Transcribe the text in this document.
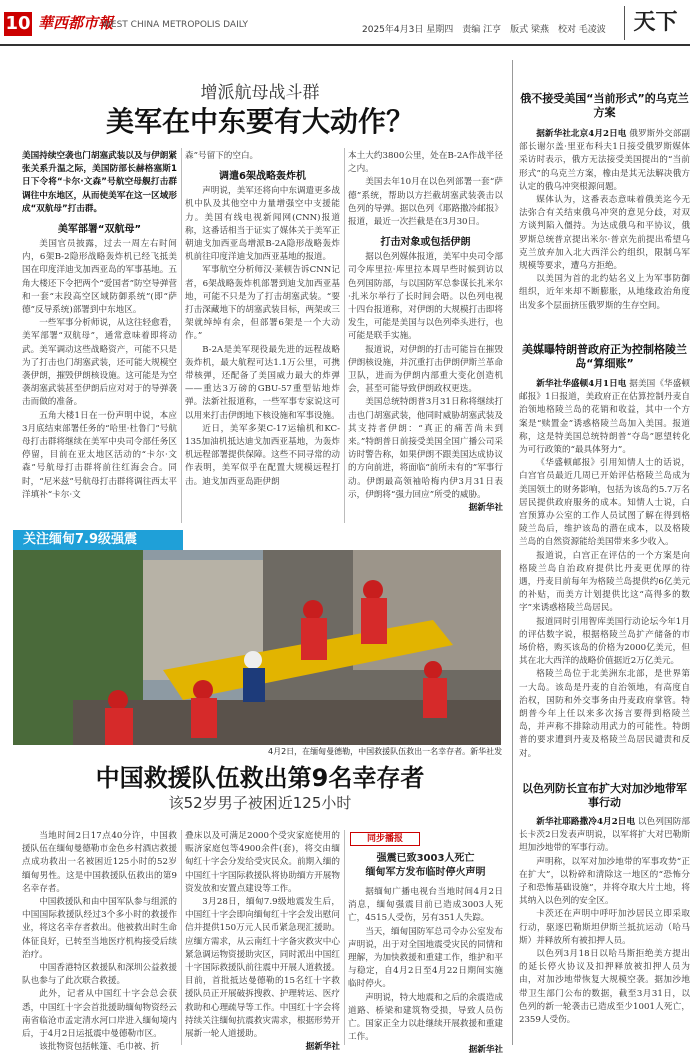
10 華西都市報
WEST CHINA METROPOLIS DAILY	2025年4月3日 星期四　责编 江亨　版式 梁燕　校对 毛凌波	天下
增派航母战斗群
美军在中东要有大动作？
美国持续空袭也门胡塞武装以及与伊朗紧张关系升温之际，美国防部长赫格塞斯1日下令将“卡尔·文森”号航空母舰打击群调往中东地区，从而使美军在这一区域形成“双航母”打击群。
美军部署“双航母”

美国官员披露，过去一周左右时间内，6架B-2隐形战略轰炸机已经飞抵美国在印度洋迪戈加西亚岛的军事基地。五角大楼还下令把两个“爱国者”防空导弹营和一套“末段高空区域防御系统”(即“萨德”反导系统)部署到中东地区。

一些军事分析师说，从这往轻愈看，美军部署“双航母”，通常意味着即将动武。美军调动这些战略资产，可能不只是为了打击也门胡塞武装，还可能大规模空袭伊朗，摧毁伊朗核设施。这可能是为空袭胡塞武装甚至伊朗后应对对于的导弹袭击而做的准备。

五角大楼1日在一份声明中说，本应3月底结束部署任务的“哈里·杜鲁门”号航母打击群将继续在美军中央司令部任务区停留，目前在亚太地区活动的“卡尔·文森”号航母打击群将前往红海会合。同时，“尼米兹”号航母打击群将调往西太平洋填补“卡尔·文

森”号留下的空白。
调遣6架战略轰炸机

声明说，美军还将向中东调遣更多战机中队及其他空中力量增强空中支援能力。美国有线电视新闻网(CNN)报道称，这番话相当于证实了媒体关于美军正朝迪戈加西亚岛增派B-2A隐形战略轰炸机前往印度洋迪戈加西亚基地的报道。

军事航空分析师汉·莱顿告诉CNN记者，6架战略轰炸机部署到迪戈加西亚基地，可能不只是为了打击胡塞武装。“要打击深藏地下的胡塞武装目标，两架或三架就绰绰有余，但部署6架是一个大动作。”

B-2A是美军现役最先进的远程战略轰炸机，最大航程可达1.1万公里，可携带核弹，还配备了美国威力最大的炸弹——重达3万磅的GBU-57重型钻地炸弹。法新社报道称，一些军事专家说这可以用来打击伊朗地下核设施和军事设施。

近日，美军多架C-17运输机和KC-135加油机抵达迪戈加西亚基地，为轰炸机远程部署提供保障。这些不同寻常的动作表明，美军似乎在配置大规模远程打击。迪戈加西亚岛距伊朗

本土大约3800公里，处在B-2A作战半径之内。

美国去年10月在以色列部署一套“萨德”系统，帮助以方拦截胡塞武装袭击以色列的导弹。据以色列《耶路撒冷邮报》报道，最近一次拦截是在3月30日。

打击对象或包括伊朗

据以色列媒体报道，美军中央司令部司令库里拉·库里拉本周早些时候到访以色列国防部，与以国防军总参谋长扎米尔·扎米尔举行了长时间会晤。以色列电视十四台报道称，对伊朗的大规模打击即将发生，可能是美国与以色列牵头进行，也可能是联手实施。

报道说，对伊朗的打击可能旨在摧毁伊朗核设施，并沉重打击伊朗伊斯兰革命卫队，进而为伊朗内部重大变化创造机会，甚至可能导致伊朗政权更迭。

美国总统特朗普3月31日称将继续打击也门胡塞武装，他同时威胁胡塞武装及其支持者伊朗：“真正的痛苦尚未到来。”特朗普日前接受美国全国广播公司采访时警告称，如果伊朗不跟美国达成协议的方向前进，将面临“前所未有的”军事行动。伊朗最高领袖哈梅内伊3月31日表示，伊朗将“强力回应”所受的威胁。

据新华社
俄不接受美国“当前形式”的乌克兰方案

据新华社北京4月2日电 俄罗斯外交部副部长谢尔盖·里亚布科夫1日接受俄罗斯媒体采访时表示，俄方无法接受美国提出的“当前形式”的乌克兰方案，橡由是其无法解决俄方认定的俄乌冲突根源问题。

媒体认为，这番表态意味着俄美迄今无法弥合有关结束俄乌冲突的意见分歧，对双方谈判陷入僵持。为达成俄乌和平协议，俄罗斯总统普京提出米尔·普京先前提出希望乌克兰放弃加入北大西洋公约组织，限制乌军规模等要求，遭乌方拒绝。

以美国为首的北约姑名义上为军事防御组织，近年来却不断膨胀，从地缘政治角度出发多个层面挤压俄罗斯的生存空间。

美媒曝特朗普政府正为控制格陵兰岛“算细账”

新华社华盛顿4月1日电 据美国《华盛顿邮报》1日报道，美政府正在估算控制丹麦自治领地格陵兰岛的花销和收益，其中一个方案是“赎置金”诱惑格陵兰岛加入美国。报道称，这是特美国总统特朗普“夺岛”愿望转化为可行政策的“最具体努力”。

《华盛顿邮报》引用知情人士的话说，白宫官员最近几周已开始评估格陵兰岛成为美国领土的财务影响，包括为该岛约5.7万名居民提供政府服务的成本。知情人士说，白宫预算办公室的工作人员试图了解在得到格陵兰岛后，维护该岛的潜在成本，以及格陵兰岛的自然资源能给美国带来多少收入。

报道说，白宫正在评估的一个方案是向格陵兰岛自治政府提供比丹麦更优厚的待遇，丹麦目前每年为格陵兰岛提供约6亿美元的补贴，而美方计划提供比这“高得多的数字”来诱惑格陵兰岛居民。

报道同时引用智库美国行动论坛今年1月的评估数字说，根据格陵兰岛扩产储备的市场价格，购买该岛的价格为2000亿美元，但其在北大西洋的战略价值据近2万亿美元。

格陵兰岛位于北美洲东北部，是世界第一大岛。该岛是丹麦的自治领地，有高度自治权，国防和外交事务由丹麦政府掌管。特朗普今年上任以来多次扬言要得到格陵兰岛，并声称不排除动用武力的可能性。特朗普的要求遭到丹麦及格陵兰岛居民谴责和反对。

以色列防长宣布扩大对加沙地带军事行动

新华社耶路撒冷4月2日电 以色列国防部长卡茨2日发表声明说，以军将扩大对巴勒斯坦加沙地带的军事行动。

声明称，以军对加沙地带的军事攻势“正在扩大”，以粉碎和清除这一地区的“恐怖分子和恐怖基础设施”，并将夺取大片土地，将其纳入以色列的安全区。

卡茨还在声明中呼吁加沙居民立即采取行动，驱逐巴勒斯坦伊斯兰抵抗运动（哈马斯）并释放所有被扣押人员。

以色列3月18日以哈马斯拒绝美方提出的延长停火协议及扣押释放被扣押人员为由，对加沙地带恢复大规模空袭。据加沙地带卫生部门公布的数据，截至3月31日，以色列的新一轮袭击已造成至少1001人死亡，2359人受伤。

关注缅甸7.9级强震
4月2日，在缅甸曼德勒，中国救援队伍救出一名幸存者。新华社发
中国救援队伍救出第9名幸存者
该52岁男子被困近125小时

当地时间2日17点40分许，中国救援队伍在缅甸曼德勒市金色乡村酒店救援点成功救出一名被困近125小时的52岁缅甸男性。这是中国救援队伍救出的第9名幸存者。

中国救援队和由中国军队参与组派的中国国际救援队经过3个多小时的救援作业，将这名幸存者救出。他被救出时生命体征良好，已转至当地医疗机构接受后续治疗。

中国香港特区救援队和深圳公益救援队也参与了此次联合救援。

此外，记者从中国红十字会总会获悉，中国红十字会首批援助缅甸物资经云南省临沧市孟定清水河口岸进入缅甸境内后，于4月2日运抵震中曼德勒市区。

该批物资包括帐篷、毛巾被、折

叠床以及可满足2000个受灾家庭使用的赈济家庭包等4900余件(套)，将交由缅甸红十字会分发给受灾民众。前期入缅的中国红十字国际救援队将协助缅方开展物资发放和安置点建设等工作。

3月28日，缅甸7.9级地震发生后，中国红十字会即向缅甸红十字会发出慰问信并提供150万元人民币紧急现汇援助。应缅方需求，从云南红十字备灾救灾中心紧急调运物资援助灾区，同时派出中国红十字国际救援队前往震中开展人道救援。目前，首批抵达曼德勒的15名红十字救援队员正开展破拆搜救、护理转运、医疗救助和心理疏导等工作。中国红十字会将持续关注缅甸抗震救灾需求，根据形势开展新一轮人道援助。

据新华社
同步播报
强震已致3003人死亡
缅甸军方发布临时停火声明

据缅甸广播电视台当地时间4月2日消息，缅甸强震目前已造成3003人死亡，4515人受伤，另有351人失踪。

当天，缅甸国防军总司令办公室发布声明说，出于对全国地震受灾民的同情和理解，为加快救援和重建工作，维护和平与稳定，自4月2日至4月22日期间实施临时停火。

声明说，特大地震和之后的余震造成道路、桥梁和建筑物受损，导致人员伤亡。国家正全力以赴继续开展救援和重建工作。

据新华社
